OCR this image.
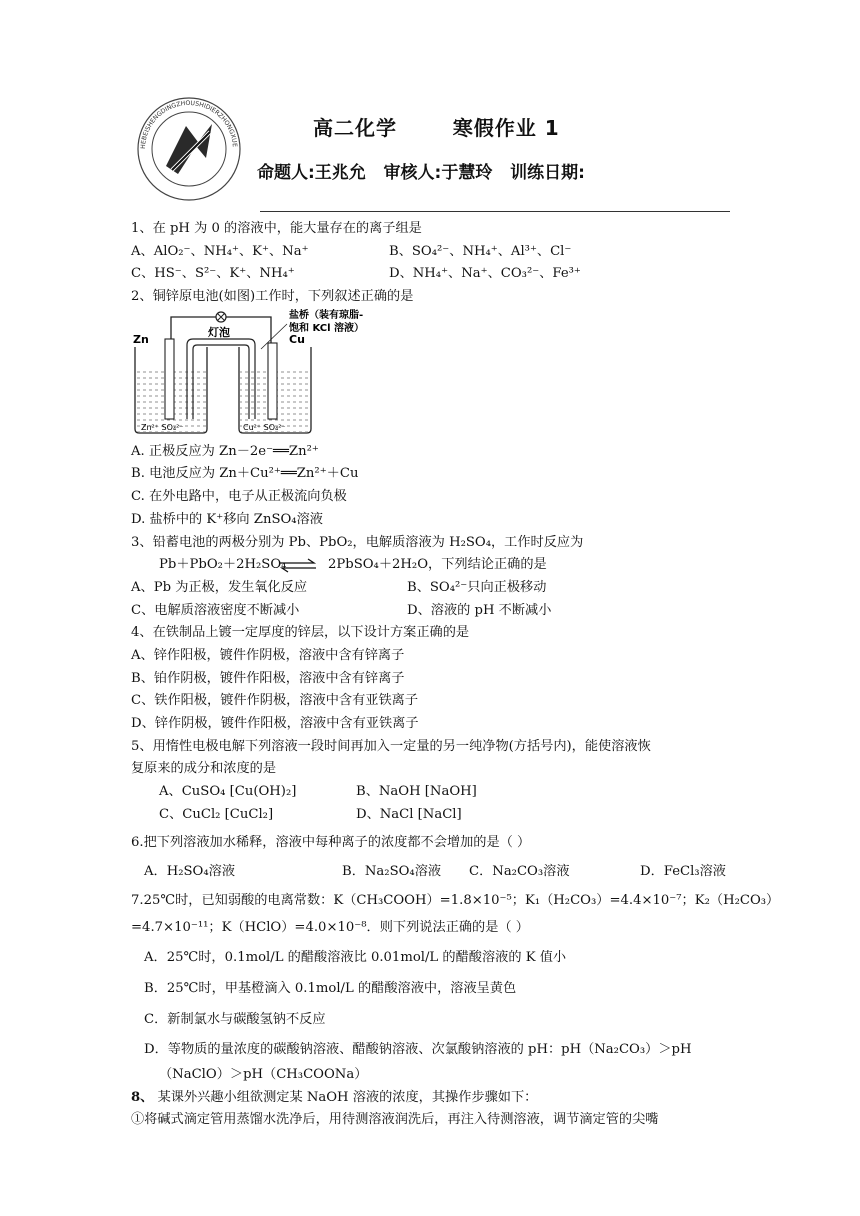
HEBEISHENGDINGZHOUSHIDIERZHONGXUE
高二化学       寒假作业 1
命题人:王兆允   审核人:于慧玲   训练日期:
1、在 pH 为 0 的溶液中，能大量存在的离子组是
A、AlO₂⁻、NH₄⁺、K⁺、Na⁺	B、SO₄²⁻、NH₄⁺、Al³⁺、Cl⁻
C、HS⁻、S²⁻、K⁺、NH₄⁺	D、NH₄⁺、Na⁺、CO₃²⁻、Fe³⁺
2、铜锌原电池(如图)工作时，下列叙述正确的是
灯泡
盐桥（装有琼脂-
饱和 KCl 溶液）
Zn	Cu
Zn²⁺ SO₄²⁻	Cu²⁺ SO₄²⁻
A. 正极反应为 Zn－2e⁻══Zn²⁺
B. 电池反应为 Zn＋Cu²⁺══Zn²⁺＋Cu
C. 在外电路中，电子从正极流向负极
D. 盐桥中的 K⁺移向 ZnSO₄溶液
3、铅蓄电池的两极分别为 Pb、PbO₂，电解质溶液为 H₂SO₄，工作时反应为
Pb＋PbO₂＋2H₂SO₄ ⇌ 2PbSO₄＋2H₂O，下列结论正确的是
A、Pb 为正极，发生氧化反应	B、SO₄²⁻只向正极移动
C、电解质溶液密度不断减小	D、溶液的 pH 不断减小
4、在铁制品上镀一定厚度的锌层，以下设计方案正确的是
A、锌作阳极，镀件作阴极，溶液中含有锌离子
B、铂作阴极，镀件作阳极，溶液中含有锌离子
C、铁作阳极，镀件作阴极，溶液中含有亚铁离子
D、锌作阴极，镀件作阳极，溶液中含有亚铁离子
5、用惰性电极电解下列溶液一段时间再加入一定量的另一纯净物(方括号内)，能使溶液恢
复原来的成分和浓度的是
A、CuSO₄ [Cu(OH)₂]	B、NaOH [NaOH]
C、CuCl₂ [CuCl₂]	D、NaCl [NaCl]
6.把下列溶液加水稀释，溶液中每种离子的浓度都不会增加的是（ ）
A．H₂SO₄溶液	B．Na₂SO₄溶液 C．Na₂CO₃溶液	D．FeCl₃溶液
7.25℃时，已知弱酸的电离常数：K（CH₃COOH）=1.8×10⁻⁵；K₁（H₂CO₃）=4.4×10⁻⁷；K₂（H₂CO₃）
=4.7×10⁻¹¹；K（HClO）=4.0×10⁻⁸．则下列说法正确的是（ ）
A．25℃时，0.1mol/L 的醋酸溶液比 0.01mol/L 的醋酸溶液的 K 值小
B．25℃时，甲基橙滴入 0.1mol/L 的醋酸溶液中，溶液呈黄色
C．新制氯水与碳酸氢钠不反应
D．等物质的量浓度的碳酸钠溶液、醋酸钠溶液、次氯酸钠溶液的 pH：pH（Na₂CO₃）＞pH
（NaClO）＞pH（CH₃COONa）
8、 某课外兴趣小组欲测定某 NaOH 溶液的浓度，其操作步骤如下：
①将碱式滴定管用蒸馏水洗净后，用待测溶液润洗后，再注入待测溶液，调节滴定管的尖嘴
